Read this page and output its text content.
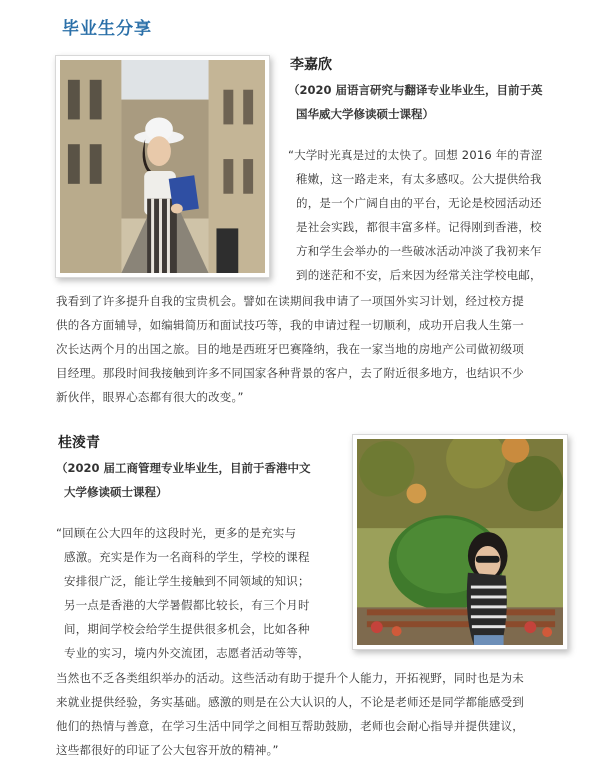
毕业生分享
李嘉欣
（2020 届语言研究与翻译专业毕业生，目前于英
国华威大学修读硕士课程）
“大学时光真是过的太快了。回想 2016 年的青涩
稚嫩，这一路走来，有太多感叹。公大提供给我
的，是一个广阔自由的平台，无论是校园活动还
是社会实践，都很丰富多样。记得刚到香港，校
方和学生会举办的一些破冰活动冲淡了我初来乍
到的迷茫和不安，后来因为经常关注学校电邮，
我看到了许多提升自我的宝贵机会。譬如在读期间我申请了一项国外实习计划，经过校方提
供的各方面辅导，如编辑简历和面试技巧等，我的申请过程一切顺利，成功开启我人生第一
次长达两个月的出国之旅。目的地是西班牙巴赛隆纳，我在一家当地的房地产公司做初级项
目经理。那段时间我接触到许多不同国家各种背景的客户，去了附近很多地方，也结识不少
新伙伴，眼界心态都有很大的改变。”
桂淩青
（2020 届工商管理专业毕业生，目前于香港中文
大学修读硕士课程）
“回顾在公大四年的这段时光，更多的是充实与
感激。充实是作为一名商科的学生，学校的课程
安排很广泛，能让学生接触到不同领域的知识；
另一点是香港的大学暑假都比较长，有三个月时
间，期间学校会给学生提供很多机会，比如各种
专业的实习，境内外交流团，志愿者活动等等，
当然也不乏各类组织举办的活动。这些活动有助于提升个人能力，开拓视野，同时也是为未
来就业提供经验，务实基础。感激的则是在公大认识的人，不论是老师还是同学都能感受到
他们的热情与善意，在学习生活中同学之间相互帮助鼓励，老师也会耐心指导并提供建议，
这些都很好的印证了公大包容开放的精神。”
